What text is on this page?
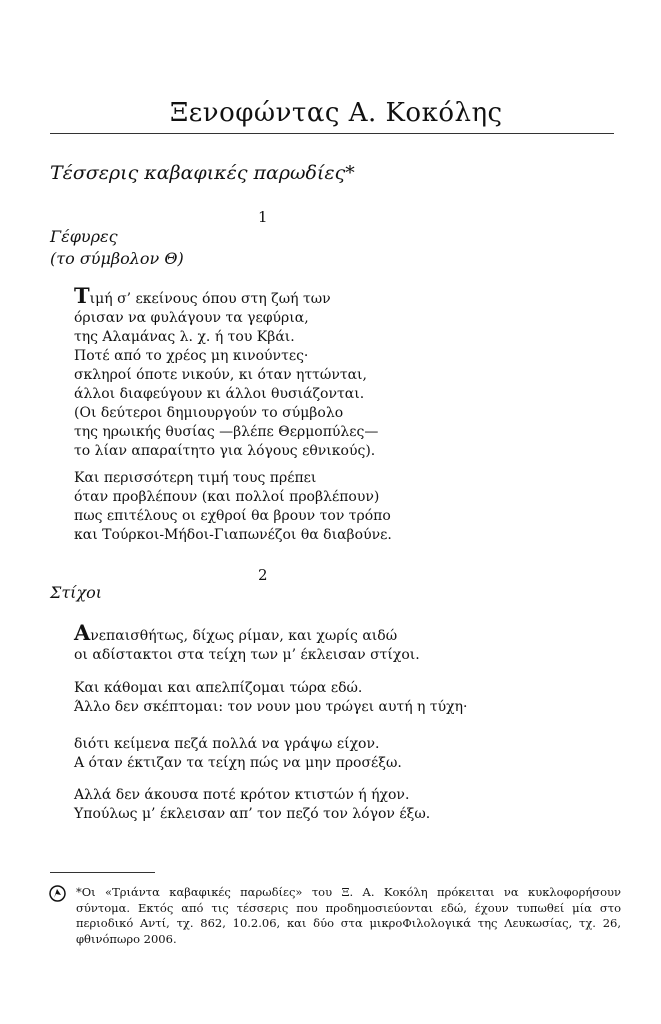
Ξενοφώντας Α. Κοκόλης
Τέσσερις καβαφικές παρωδίες*
1
Γέφυρες
(το σύμβολον Θ)
Τιμή σ’ εκείνους όπου στη ζωή των
όρισαν να φυλάγουν τα γεφύρια,
της Αλαμάνας λ. χ. ή του Κβάι.
Ποτέ από το χρέος μη κινούντες·
σκληροί όποτε νικούν, κι όταν ηττώνται,
άλλοι διαφεύγουν κι άλλοι θυσιάζονται.
(Οι δεύτεροι δημιουργούν το σύμβολο
της ηρωικής θυσίας —βλέπε Θερμοπύλες—
το λίαν απαραίτητο για λόγους εθνικούς).
Και περισσότερη τιμή τους πρέπει
όταν προβλέπουν (και πολλοί προβλέπουν)
πως επιτέλους οι εχθροί θα βρουν τον τρόπο
και Τούρκοι-Μήδοι-Γιαπωνέζοι θα διαβούνε.
2
Στίχοι
Ανεπαισθήτως, δίχως ρίμαν, και χωρίς αιδώ
οι αδίστακτοι στα τείχη των μ’ έκλεισαν στίχοι.
Και κάθομαι και απελπίζομαι τώρα εδώ.
Άλλο δεν σκέπτομαι: τον νουν μου τρώγει αυτή η τύχη·
διότι κείμενα πεζά πολλά να γράψω είχον.
Α όταν έκτιζαν τα τείχη πώς να μην προσέξω.
Αλλά δεν άκουσα ποτέ κρότον κτιστών ή ήχον.
Υπούλως μ’ έκλεισαν απ’ τον πεζό τον λόγον έξω.
*Οι «Τριάντα καβαφικές παρωδίες» του Ξ. Α. Κοκόλη πρόκειται να κυκλοφορήσουν σύντομα. Εκτός από τις τέσσερις που προδημοσιεύονται εδώ, έχουν τυπωθεί μία στο περιοδικό Αντί, τχ. 862, 10.2.06, και δύο στα μικροΦιλολογικά της Λευκωσίας, τχ. 26, φθινόπωρο 2006.
